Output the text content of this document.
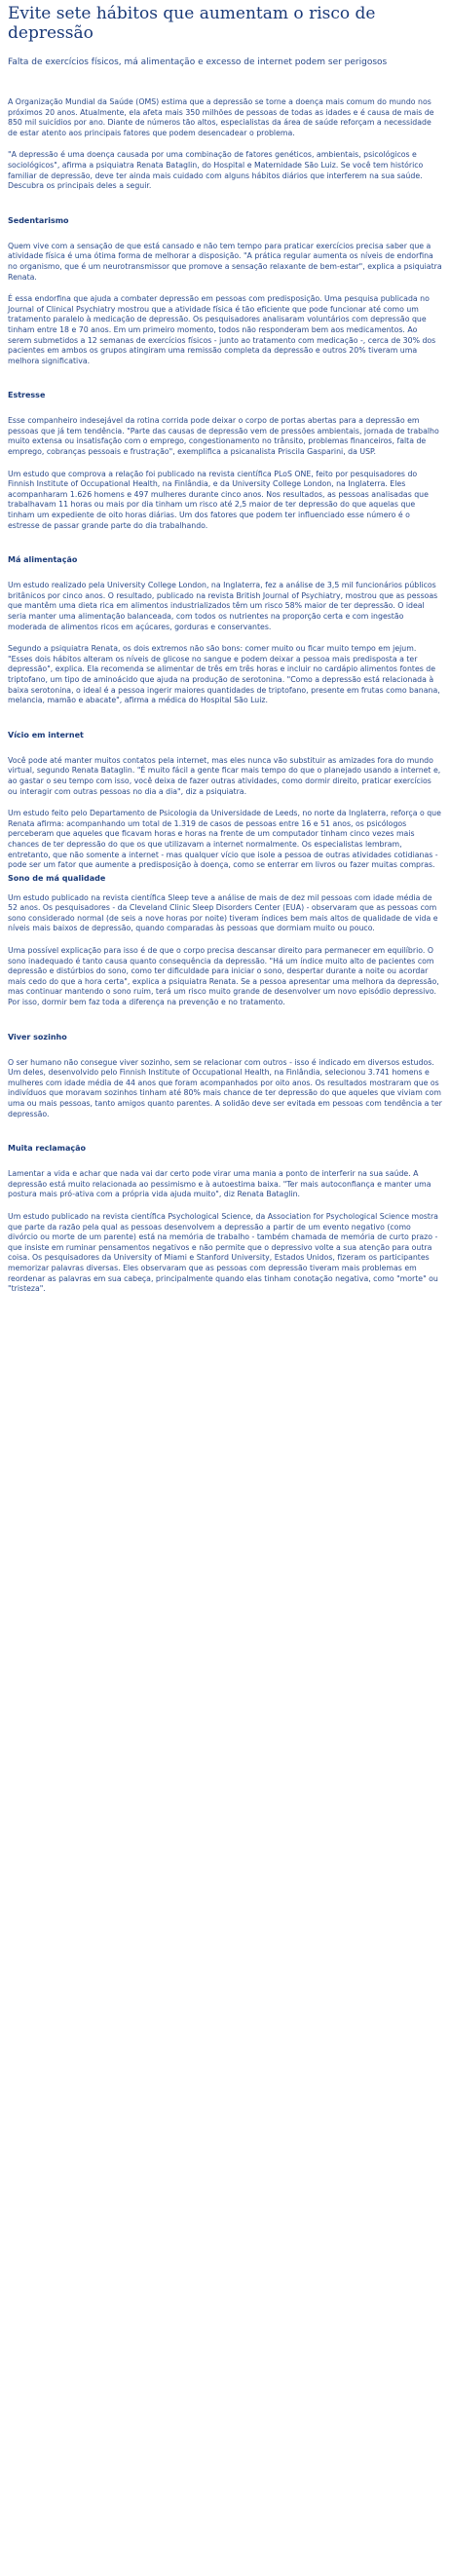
Evite sete hábitos que aumentam o risco de depressão
Falta de exercícios físicos, má alimentação e excesso de internet podem ser perigosos

A Organização Mundial da Saúde (OMS) estima que a depressão se torne a doença mais comum do mundo nos próximos 20 anos. Atualmente, ela afeta mais 350 milhões de pessoas de todas as idades e é causa de mais de 850 mil suicídios por ano. Diante de números tão altos, especialistas da área de saúde reforçam a necessidade de estar atento aos principais fatores que podem desencadear o problema.

"A depressão é uma doença causada por uma combinação de fatores genéticos, ambientais, psicológicos e sociológicos", afirma a psiquiatra Renata Bataglin, do Hospital e Maternidade São Luiz. Se você tem histórico familiar de depressão, deve ter ainda mais cuidado com alguns hábitos diários que interferem na sua saúde. Descubra os principais deles a seguir.

Sedentarismo

Quem vive com a sensação de que está cansado e não tem tempo para praticar exercícios precisa saber que a atividade física é uma ótima forma de melhorar a disposição. "A prática regular aumenta os níveis de endorfina no organismo, que é um neurotransmissor que promove a sensação relaxante de bem-estar", explica a psiquiatra Renata.

É essa endorfina que ajuda a combater depressão em pessoas com predisposição. Uma pesquisa publicada no Journal of Clinical Psychiatry mostrou que a atividade física é tão eficiente que pode funcionar até como um tratamento paralelo à medicação de depressão. Os pesquisadores analisaram voluntários com depressão que tinham entre 18 e 70 anos. Em um primeiro momento, todos não responderam bem aos medicamentos. Ao serem submetidos a 12 semanas de exercícios físicos - junto ao tratamento com medicação -, cerca de 30% dos pacientes em ambos os grupos atingiram uma remissão completa da depressão e outros 20% tiveram uma melhora significativa.

Estresse

Esse companheiro indesejável da rotina corrida pode deixar o corpo de portas abertas para a depressão em pessoas que já tem tendência. "Parte das causas de depressão vem de pressões ambientais, jornada de trabalho muito extensa ou insatisfação com o emprego, congestionamento no trânsito, problemas financeiros, falta de emprego, cobranças pessoais e frustração", exemplifica a psicanalista Priscila Gasparini, da USP.

Um estudo que comprova a relação foi publicado na revista científica PLoS ONE, feito por pesquisadores do Finnish Institute of Occupational Health, na Finlândia, e da University College London, na Inglaterra. Eles acompanharam 1.626 homens e 497 mulheres durante cinco anos. Nos resultados, as pessoas analisadas que trabalhavam 11 horas ou mais por dia tinham um risco até 2,5 maior de ter depressão do que aquelas que tinham um expediente de oito horas diárias. Um dos fatores que podem ter influenciado esse número é o estresse de passar grande parte do dia trabalhando.

Má alimentação

Um estudo realizado pela University College London, na Inglaterra, fez a análise de 3,5 mil funcionários públicos britânicos por cinco anos. O resultado, publicado na revista British Journal of Psychiatry, mostrou que as pessoas que mantêm uma dieta rica em alimentos industrializados têm um risco 58% maior de ter depressão. O ideal seria manter uma alimentação balanceada, com todos os nutrientes na proporção certa e com ingestão moderada de alimentos ricos em açúcares, gorduras e conservantes.

Segundo a psiquiatra Renata, os dois extremos não são bons: comer muito ou ficar muito tempo em jejum. "Esses dois hábitos alteram os níveis de glicose no sangue e podem deixar a pessoa mais predisposta a ter depressão", explica. Ela recomenda se alimentar de três em três horas e incluir no cardápio alimentos fontes de triptofano, um tipo de aminoácido que ajuda na produção de serotonina. "Como a depressão está relacionada à baixa serotonina, o ideal é a pessoa ingerir maiores quantidades de triptofano, presente em frutas como banana, melancia, mamão e abacate", afirma a médica do Hospital São Luiz.

Vício em internet

Você pode até manter muitos contatos pela internet, mas eles nunca vão substituir as amizades fora do mundo virtual, segundo Renata Bataglin. "É muito fácil a gente ficar mais tempo do que o planejado usando a internet e, ao gastar o seu tempo com isso, você deixa de fazer outras atividades, como dormir direito, praticar exercícios ou interagir com outras pessoas no dia a dia", diz a psiquiatra.

Um estudo feito pelo Departamento de Psicologia da Universidade de Leeds, no norte da Inglaterra, reforça o que Renata afirma: acompanhando um total de 1.319 de casos de pessoas entre 16 e 51 anos, os psicólogos perceberam que aqueles que ficavam horas e horas na frente de um computador tinham cinco vezes mais chances de ter depressão do que os que utilizavam a internet normalmente. Os especialistas lembram, entretanto, que não somente a internet - mas qualquer vício que isole a pessoa de outras atividades cotidianas - pode ser um fator que aumente a predisposição à doença, como se enterrar em livros ou fazer muitas compras.

Sono de má qualidade

Um estudo publicado na revista científica Sleep teve a análise de mais de dez mil pessoas com idade média de 52 anos. Os pesquisadores - da Cleveland Clinic Sleep Disorders Center (EUA) - observaram que as pessoas com sono considerado normal (de seis a nove horas por noite) tiveram índices bem mais altos de qualidade de vida e níveis mais baixos de depressão, quando comparadas às pessoas que dormiam muito ou pouco.

Uma possível explicação para isso é de que o corpo precisa descansar direito para permanecer em equilíbrio. O sono inadequado é tanto causa quanto consequência da depressão. "Há um índice muito alto de pacientes com depressão e distúrbios do sono, como ter dificuldade para iniciar o sono, despertar durante a noite ou acordar mais cedo do que a hora certa", explica a psiquiatra Renata. Se a pessoa apresentar uma melhora da depressão, mas continuar mantendo o sono ruim, terá um risco muito grande de desenvolver um novo episódio depressivo. Por isso, dormir bem faz toda a diferença na prevenção e no tratamento.

Viver sozinho

O ser humano não consegue viver sozinho, sem se relacionar com outros - isso é indicado em diversos estudos. Um deles, desenvolvido pelo Finnish Institute of Occupational Health, na Finlândia, selecionou 3.741 homens e mulheres com idade média de 44 anos que foram acompanhados por oito anos. Os resultados mostraram que os indivíduos que moravam sozinhos tinham até 80% mais chance de ter depressão do que aqueles que viviam com uma ou mais pessoas, tanto amigos quanto parentes. A solidão deve ser evitada em pessoas com tendência a ter depressão.

Muita reclamação

Lamentar a vida e achar que nada vai dar certo pode virar uma mania a ponto de interferir na sua saúde. A depressão está muito relacionada ao pessimismo e à autoestima baixa. "Ter mais autoconfiança e manter uma postura mais pró-ativa com a própria vida ajuda muito", diz Renata Bataglin.

Um estudo publicado na revista científica Psychological Science, da Association for Psychological Science mostra que parte da razão pela qual as pessoas desenvolvem a depressão a partir de um evento negativo (como divórcio ou morte de um parente) está na memória de trabalho - também chamada de memória de curto prazo - que insiste em ruminar pensamentos negativos e não permite que o depressivo volte a sua atenção para outra coisa. Os pesquisadores da University of Miami e Stanford University, Estados Unidos, fizeram os participantes memorizar palavras diversas. Eles observaram que as pessoas com depressão tiveram mais problemas em reordenar as palavras em sua cabeça, principalmente quando elas tinham conotação negativa, como "morte" ou "tristeza".
